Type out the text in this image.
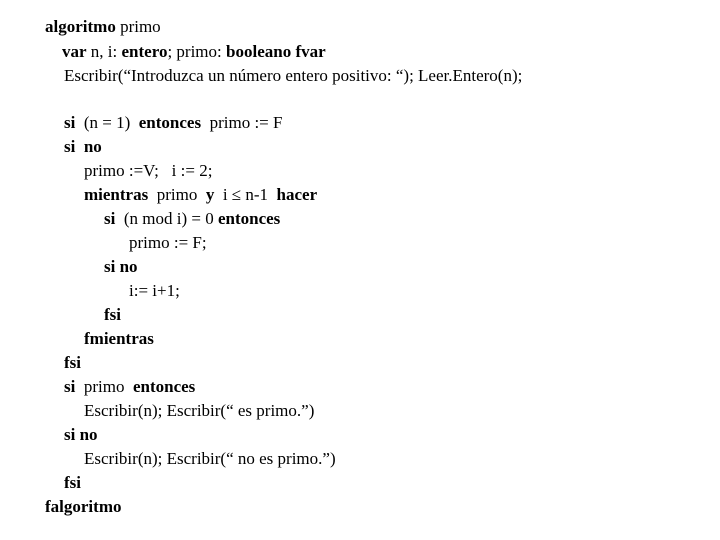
algoritmo primo
var n, i: entero; primo: booleano fvar
Escribir(“Introduzca un número entero positivo: “); Leer.Entero(n);
si  (n = 1)  entonces  primo := F
si  no
primo :=V;   i := 2;
mientras  primo  y  i ≤ n-1  hacer
si  (n mod i) = 0 entonces
primo := F;
si no
i:= i+1;
fsi
fmientras
fsi
si  primo  entonces
Escribir(n); Escribir(“ es primo.”)
si no
Escribir(n); Escribir(“ no es primo.”)
fsi
falgoritmo
